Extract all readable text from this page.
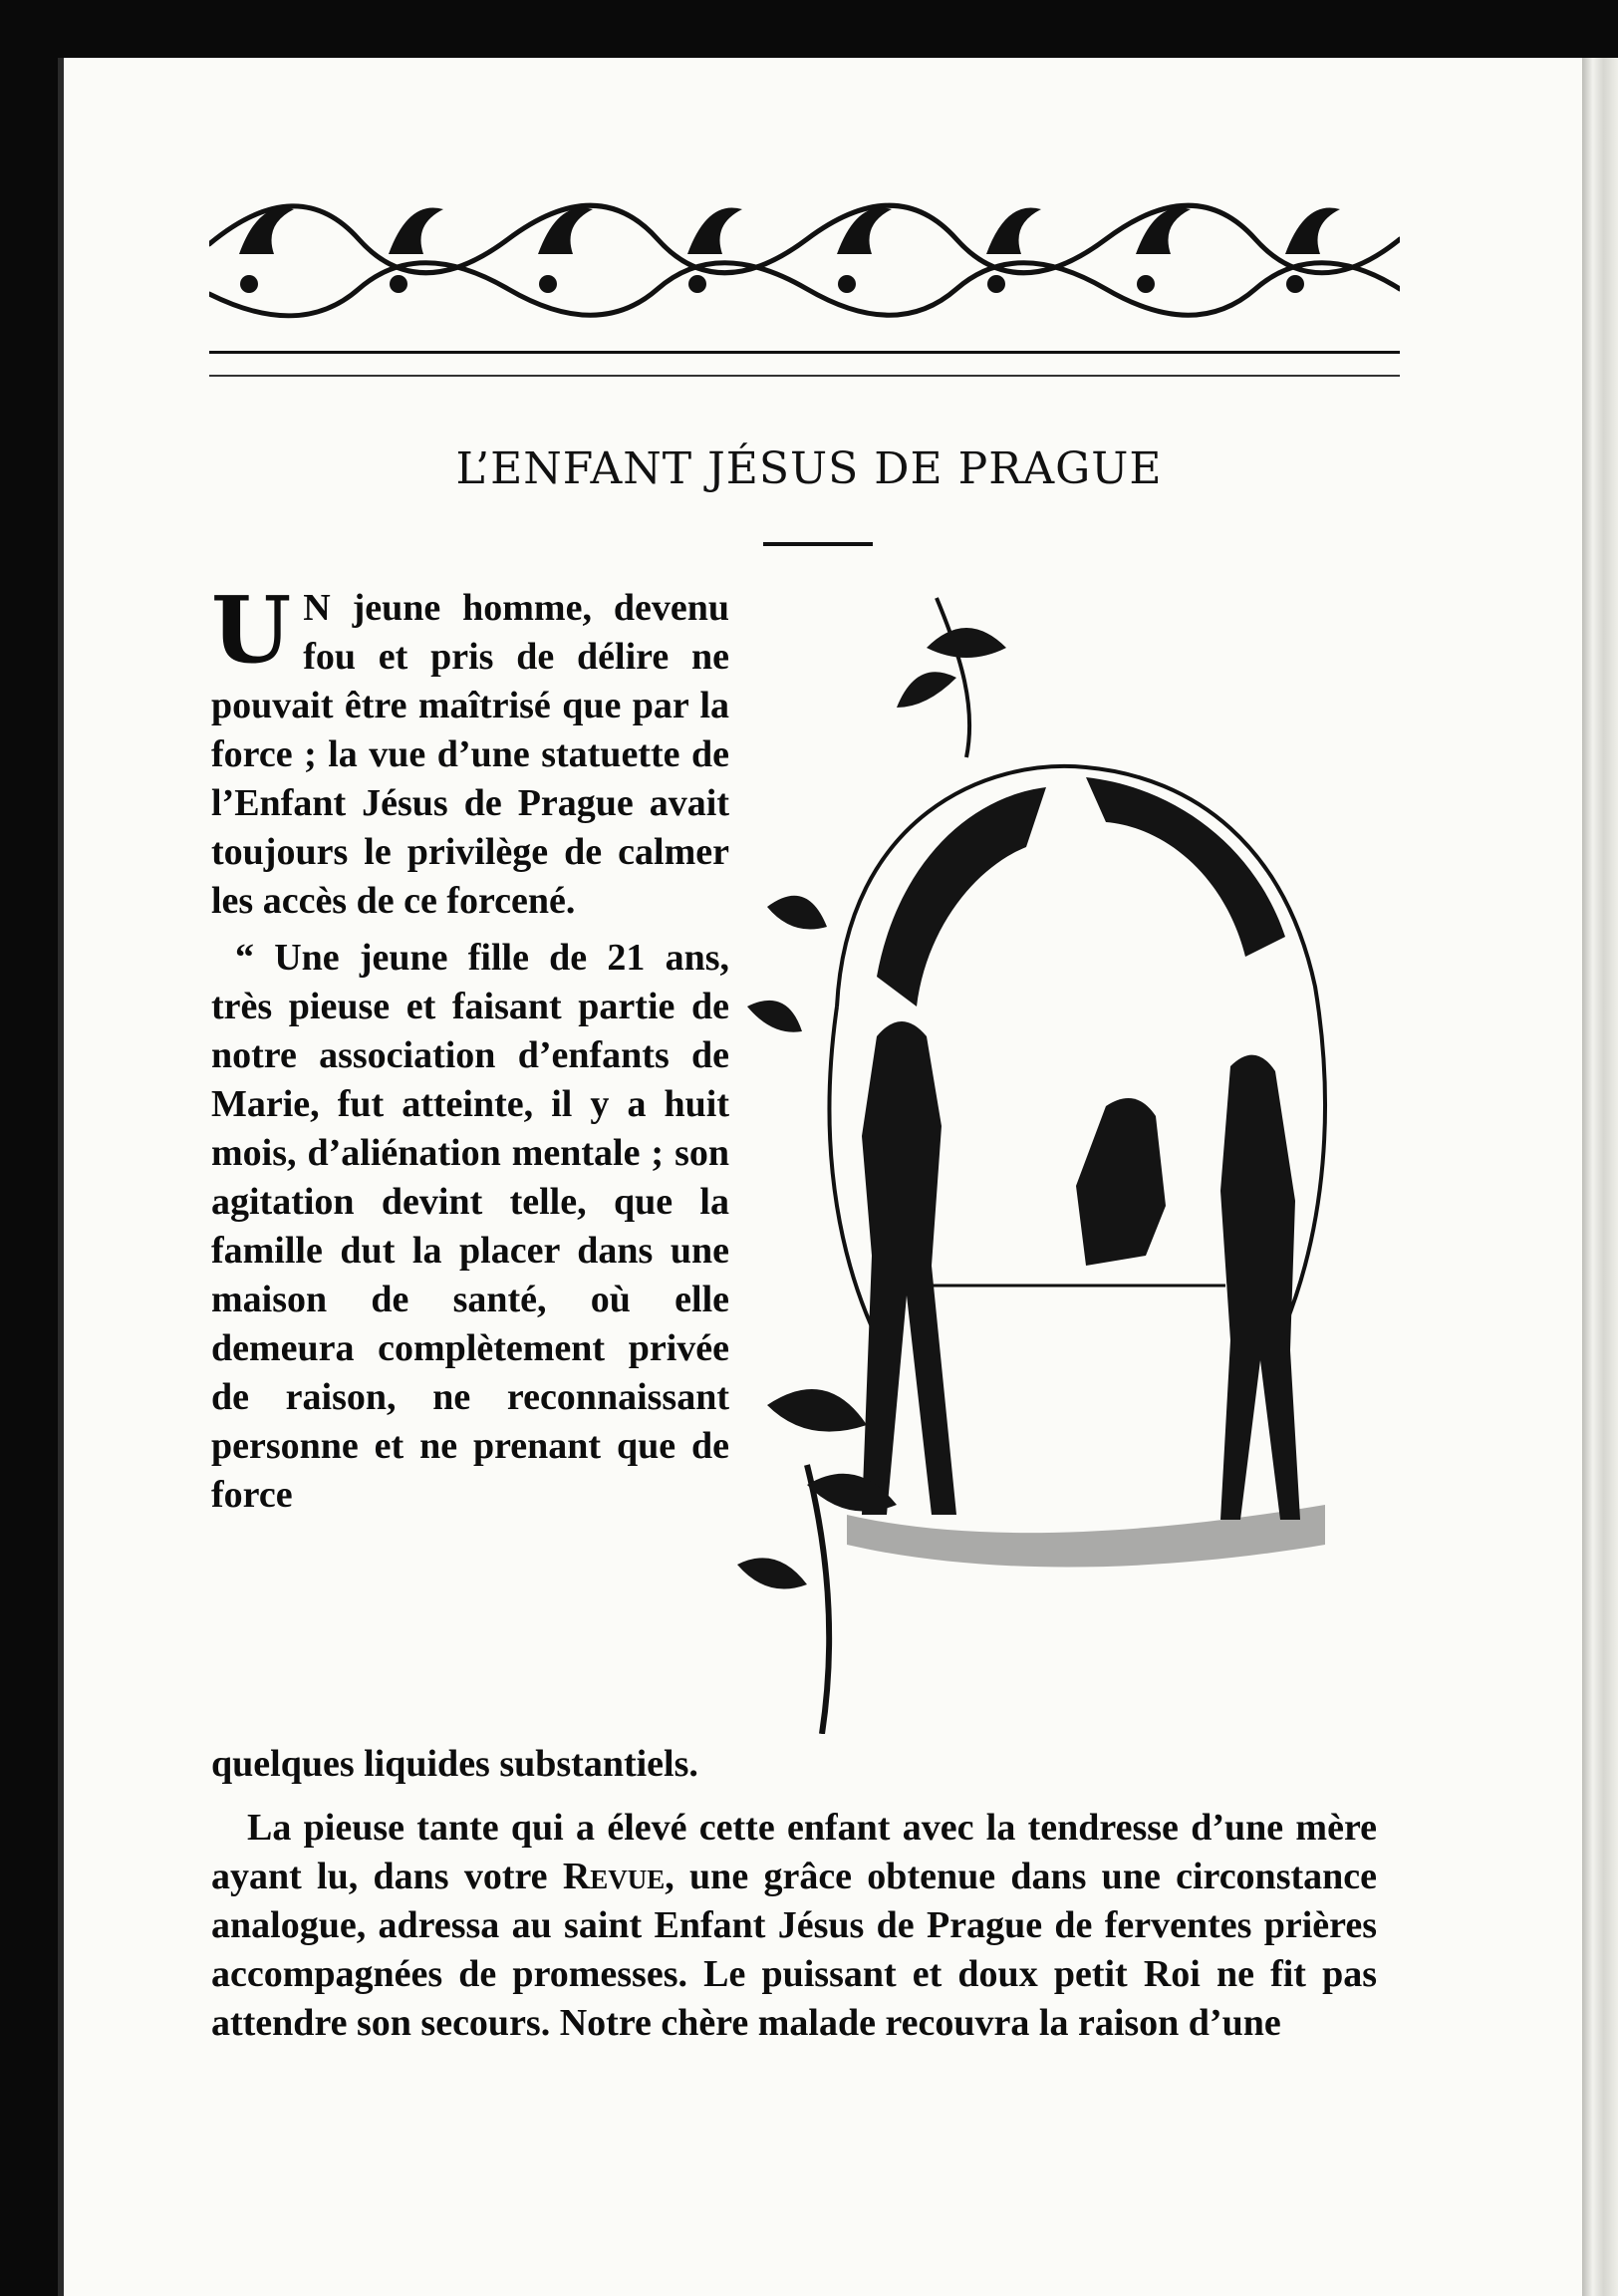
L’ENFANT JÉSUS DE PRAGUE

U N jeune homme, devenu fou et pris de délire ne pouvait être maîtrisé que par la force ; la vue d’une statuette de l’Enfant Jésus de Prague avait toujours le privilège de calmer les accès de ce forcené.

“ Une jeune fille de 21 ans, très pieuse et faisant partie de notre association d’enfants de Marie, fut atteinte, il y a huit mois, d’aliénation mentale ; son agitation devint telle, que la famille dut la placer dans une maison de santé, où elle demeura complètement privée de raison, ne reconnaissant personne et ne prenant que de force

quelques liquides substantiels.
La pieuse tante qui a élevé cette enfant avec la tendresse d’une mère ayant lu, dans votre Revue, une grâce obtenue dans une circonstance analogue, adressa au saint Enfant Jésus de Prague de ferventes prières accompagnées de promesses. Le puissant et doux petit Roi ne fit pas attendre son secours. Notre chère malade recouvra la raison d’une
